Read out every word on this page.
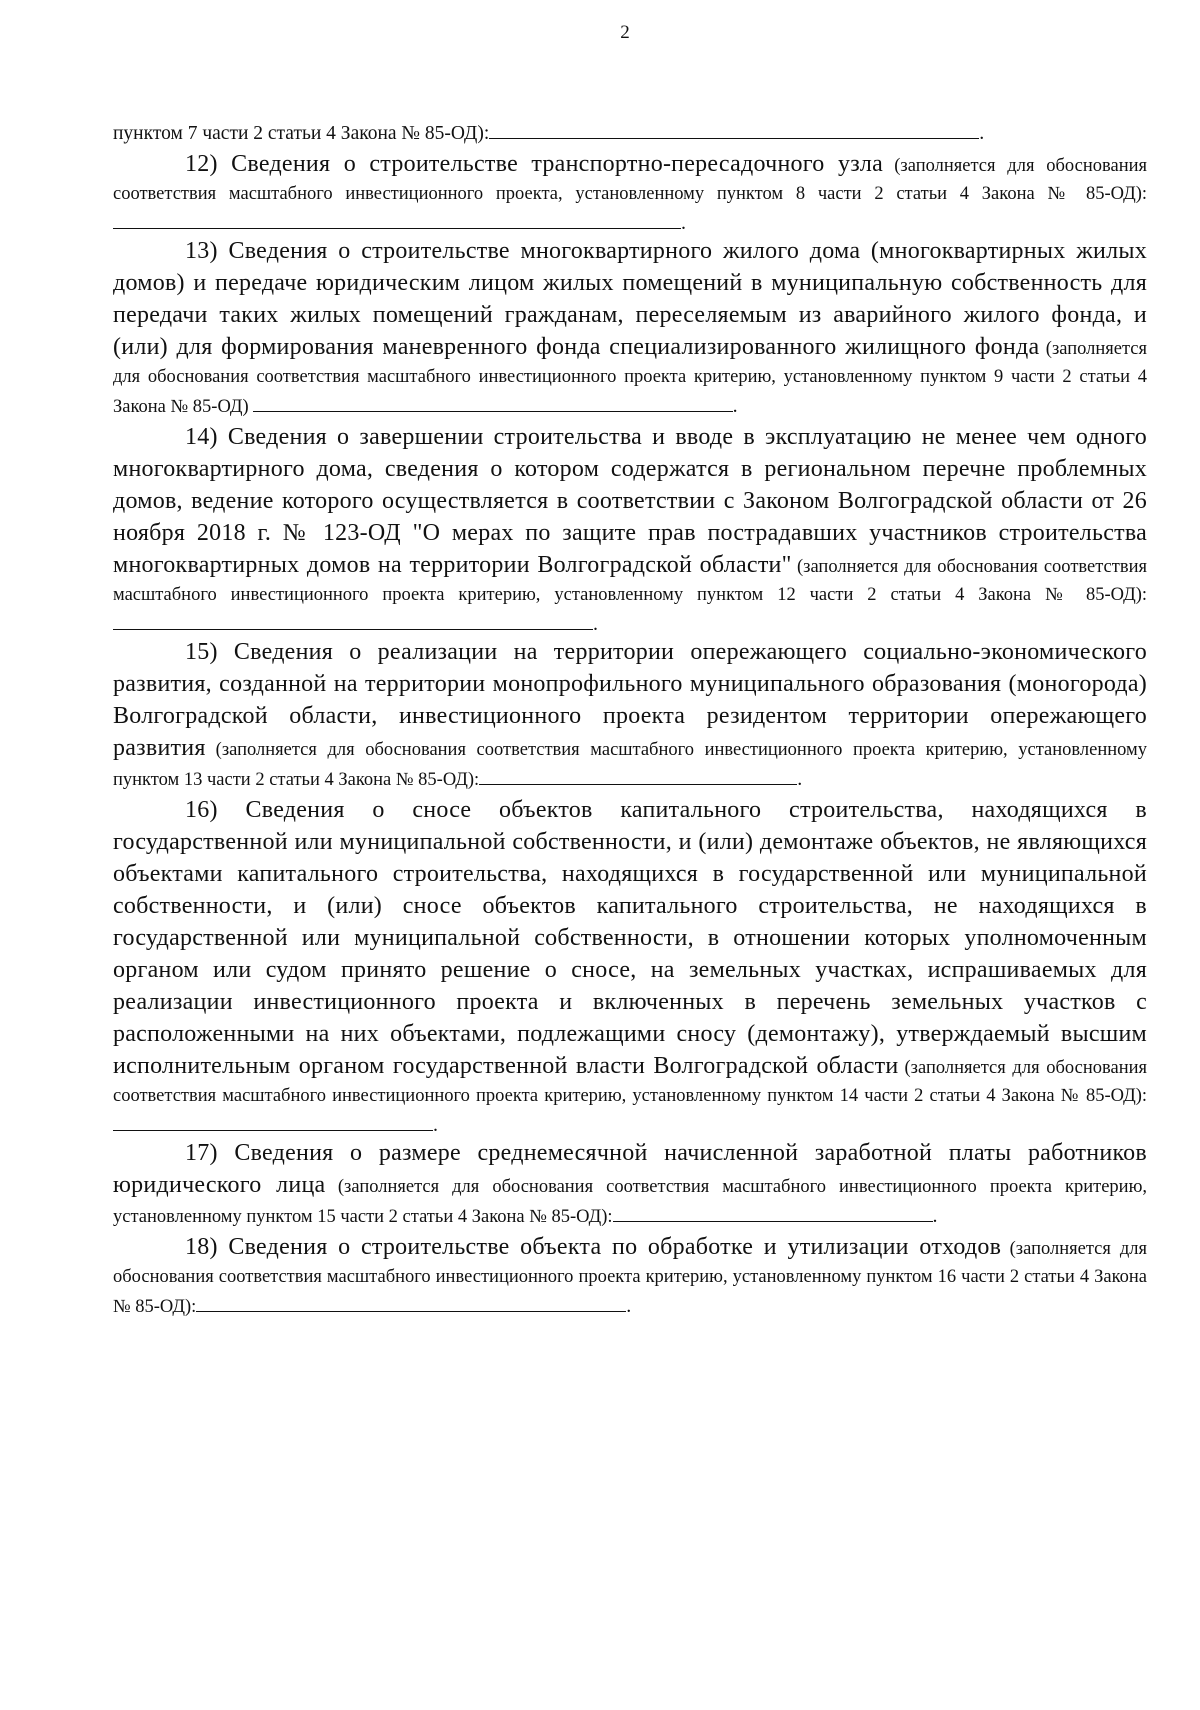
2

пунктом 7 части 2 статьи 4 Закона № 85-ОД):	.

12) Сведения о строительстве транспортно-пересадочного узла (заполняется для обоснования соответствия масштабного инвестиционного проекта, установленному пунктом 8 части 2 статьи 4 Закона № 85-ОД):.

13) Сведения о строительстве многоквартирного жилого дома (многоквартирных жилых домов) и передаче юридическим лицом жилых помещений в муниципальную собственность для передачи таких жилых помещений гражданам, переселяемым из аварийного жилого фонда, и (или) для формирования маневренного фонда специализированного жилищного фонда (заполняется для обоснования соответствия масштабного инвестиционного проекта критерию, установленному пунктом 9 части 2 статьи 4 Закона № 85-ОД)	.

14) Сведения о завершении строительства и вводе в эксплуатацию не менее чем одного многоквартирного дома, сведения о котором содержатся в региональном перечне проблемных домов, ведение которого осуществляется в соответствии с Законом Волгоградской области от 26 ноября 2018 г. № 123-ОД "О мерах по защите прав пострадавших участников строительства многоквартирных домов на территории Волгоградской области" (заполняется для обоснования соответствия масштабного инвестиционного проекта критерию, установленному пунктом 12 части 2 статьи 4 Закона № 85-ОД):.

15) Сведения о реализации на территории опережающего социально-экономического развития, созданной на территории монопрофильного муниципального образования (моногорода) Волгоградской области, инвестиционного проекта резидентом территории опережающего развития (заполняется для обоснования соответствия масштабного инвестиционного проекта критерию, установленному пунктом 13 части 2 статьи 4 Закона № 85-ОД):	.

16) Сведения о сносе объектов капитального строительства, находящихся в государственной или муниципальной собственности, и (или) демонтаже объектов, не являющихся объектами капитального строительства, находящихся в государственной или муниципальной собственности, и (или) сносе объектов капитального строительства, не находящихся в государственной или муниципальной собственности, в отношении которых уполномоченным органом или судом принято решение о сносе, на земельных участках, испрашиваемых для реализации инвестиционного проекта и включенных в перечень земельных участков с расположенными на них объектами, подлежащими сносу (демонтажу), утверждаемый высшим исполнительным органом государственной власти Волгоградской области (заполняется для обоснования соответствия масштабного инвестиционного проекта критерию, установленному пунктом 14 части 2 статьи 4 Закона № 85-ОД):.

17) Сведения о размере среднемесячной начисленной заработной платы работников юридического лица (заполняется для обоснования соответствия масштабного инвестиционного проекта критерию, установленному пунктом 15 части 2 статьи 4 Закона № 85-ОД):	.

18) Сведения о строительстве объекта по обработке и утилизации отходов (заполняется для обоснования соответствия масштабного инвестиционного проекта критерию, установленному пунктом 16 части 2 статьи 4 Закона № 85-ОД):	.
